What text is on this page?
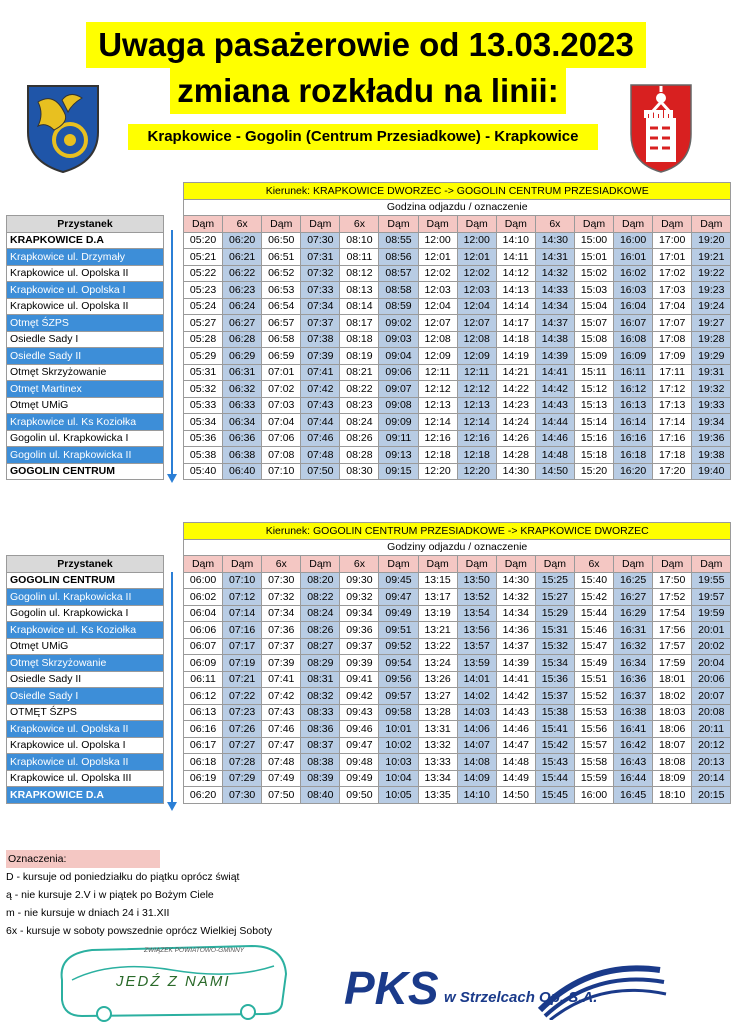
Uwaga pasażerowie od 13.03.2023
zmiana rozkładu na linii:
Krapkowice - Gogolin (Centrum Przesiadkowe) - Krapkowice
		Kierunek: KRAPKOWICE DWORZEC -> GOGOLIN CENTRUM PRZESIADKOWE													
		Godzina odjazdu / oznaczenie													
Przystanek		Dąm	6x	Dąm	Dąm	6x	Dąm	Dąm	Dąm	Dąm	6x	Dąm	Dąm	Dąm	Dąm
KRAPKOWICE D.A		05:20	06:20	06:50	07:30	08:10	08:55	12:00	12:00	14:10	14:30	15:00	16:00	17:00	19:20
Krapkowice ul. Drzymały		05:21	06:21	06:51	07:31	08:11	08:56	12:01	12:01	14:11	14:31	15:01	16:01	17:01	19:21
Krapkowice ul. Opolska II		05:22	06:22	06:52	07:32	08:12	08:57	12:02	12:02	14:12	14:32	15:02	16:02	17:02	19:22
Krapkowice ul. Opolska I		05:23	06:23	06:53	07:33	08:13	08:58	12:03	12:03	14:13	14:33	15:03	16:03	17:03	19:23
Krapkowice ul. Opolska II		05:24	06:24	06:54	07:34	08:14	08:59	12:04	12:04	14:14	14:34	15:04	16:04	17:04	19:24
Otmęt ŚZPS		05:27	06:27	06:57	07:37	08:17	09:02	12:07	12:07	14:17	14:37	15:07	16:07	17:07	19:27
Osiedle Sady I		05:28	06:28	06:58	07:38	08:18	09:03	12:08	12:08	14:18	14:38	15:08	16:08	17:08	19:28
Osiedle Sady II		05:29	06:29	06:59	07:39	08:19	09:04	12:09	12:09	14:19	14:39	15:09	16:09	17:09	19:29
Otmęt Skrzyżowanie		05:31	06:31	07:01	07:41	08:21	09:06	12:11	12:11	14:21	14:41	15:11	16:11	17:11	19:31
Otmęt Martinex		05:32	06:32	07:02	07:42	08:22	09:07	12:12	12:12	14:22	14:42	15:12	16:12	17:12	19:32
Otmęt UMiG		05:33	06:33	07:03	07:43	08:23	09:08	12:13	12:13	14:23	14:43	15:13	16:13	17:13	19:33
Krapkowice ul. Ks Koziołka		05:34	06:34	07:04	07:44	08:24	09:09	12:14	12:14	14:24	14:44	15:14	16:14	17:14	19:34
Gogolin ul. Krapkowicka I		05:36	06:36	07:06	07:46	08:26	09:11	12:16	12:16	14:26	14:46	15:16	16:16	17:16	19:36
Gogolin ul. Krapkowicka II		05:38	06:38	07:08	07:48	08:28	09:13	12:18	12:18	14:28	14:48	15:18	16:18	17:18	19:38
GOGOLIN CENTRUM		05:40	06:40	07:10	07:50	08:30	09:15	12:20	12:20	14:30	14:50	15:20	16:20	17:20	19:40
		Kierunek: GOGOLIN CENTRUM PRZESIADKOWE -> KRAPKOWICE DWORZEC													
		Godziny odjazdu / oznaczenie													
Przystanek		Dąm	Dąm	6x	Dąm	6x	Dąm	Dąm	Dąm	Dąm	Dąm	6x	Dąm	Dąm	Dąm
GOGOLIN CENTRUM		06:00	07:10	07:30	08:20	09:30	09:45	13:15	13:50	14:30	15:25	15:40	16:25	17:50	19:55
Gogolin ul. Krapkowicka II		06:02	07:12	07:32	08:22	09:32	09:47	13:17	13:52	14:32	15:27	15:42	16:27	17:52	19:57
Gogolin ul. Krapkowicka I		06:04	07:14	07:34	08:24	09:34	09:49	13:19	13:54	14:34	15:29	15:44	16:29	17:54	19:59
Krapkowice ul. Ks Koziołka		06:06	07:16	07:36	08:26	09:36	09:51	13:21	13:56	14:36	15:31	15:46	16:31	17:56	20:01
Otmęt UMiG		06:07	07:17	07:37	08:27	09:37	09:52	13:22	13:57	14:37	15:32	15:47	16:32	17:57	20:02
Otmęt Skrzyżowanie		06:09	07:19	07:39	08:29	09:39	09:54	13:24	13:59	14:39	15:34	15:49	16:34	17:59	20:04
Osiedle Sady II		06:11	07:21	07:41	08:31	09:41	09:56	13:26	14:01	14:41	15:36	15:51	16:36	18:01	20:06
Osiedle Sady I		06:12	07:22	07:42	08:32	09:42	09:57	13:27	14:02	14:42	15:37	15:52	16:37	18:02	20:07
OTMĘT ŚZPS		06:13	07:23	07:43	08:33	09:43	09:58	13:28	14:03	14:43	15:38	15:53	16:38	18:03	20:08
Krapkowice ul. Opolska II		06:16	07:26	07:46	08:36	09:46	10:01	13:31	14:06	14:46	15:41	15:56	16:41	18:06	20:11
Krapkowice ul. Opolska I		06:17	07:27	07:47	08:37	09:47	10:02	13:32	14:07	14:47	15:42	15:57	16:42	18:07	20:12
Krapkowice ul. Opolska II		06:18	07:28	07:48	08:38	09:48	10:03	13:33	14:08	14:48	15:43	15:58	16:43	18:08	20:13
Krapkowice ul. Opolska III		06:19	07:29	07:49	08:39	09:49	10:04	13:34	14:09	14:49	15:44	15:59	16:44	18:09	20:14
KRAPKOWICE D.A		06:20	07:30	07:50	08:40	09:50	10:05	13:35	14:10	14:50	15:45	16:00	16:45	18:10	20:15
Oznaczenia:
D - kursuje od poniedziałku do piątku oprócz świąt
ą - nie kursuje 2.V i w piątek po Bożym Ciele
m - nie kursuje w dniach 24 i 31.XII
6x - kursuje w soboty powszednie oprócz Wielkiej Soboty
ZWIĄZEK POWIATOWO-GMINNY
JEDŹ Z NAMI PKS w Strzelcach Op. S.A.
